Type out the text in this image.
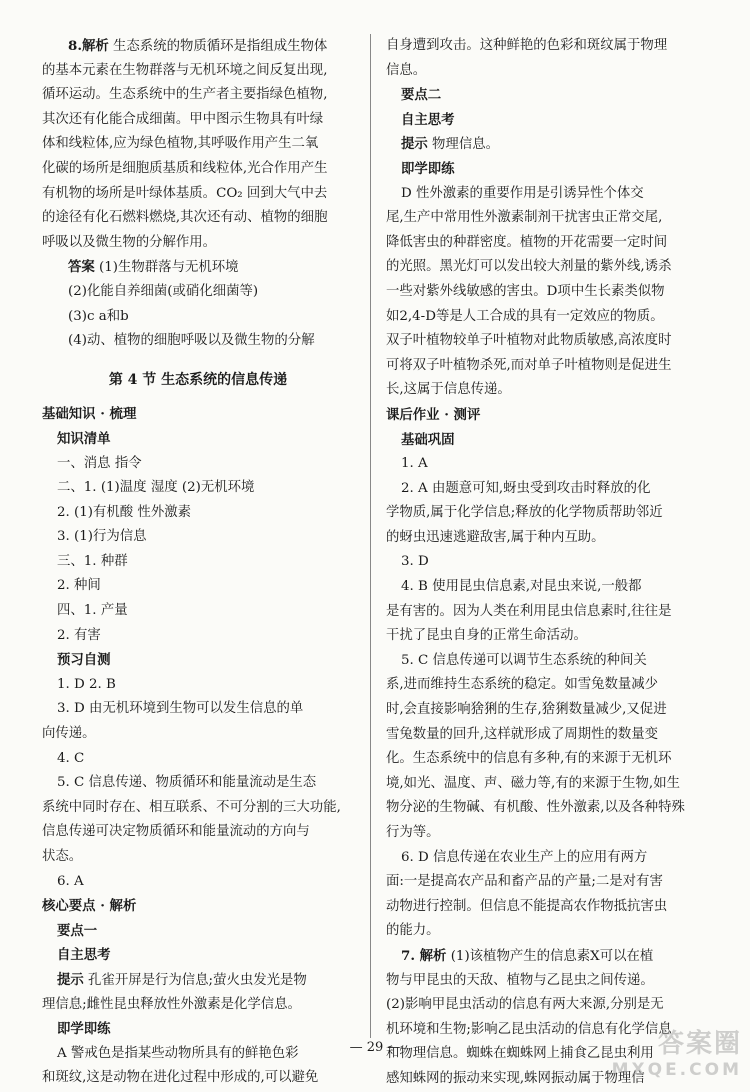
8.解析 生态系统的物质循环是指组成生物体
的基本元素在生物群落与无机环境之间反复出现,
循环运动。生态系统中的生产者主要指绿色植物,
其次还有化能合成细菌。甲中图示生物具有叶绿
体和线粒体,应为绿色植物,其呼吸作用产生二氧
化碳的场所是细胞质基质和线粒体,光合作用产生
有机物的场所是叶绿体基质。CO₂ 回到大气中去
的途径有化石燃料燃烧,其次还有动、植物的细胞
呼吸以及微生物的分解作用。
答案 (1)生物群落与无机环境
(2)化能自养细菌(或硝化细菌等)
(3)c a和b
(4)动、植物的细胞呼吸以及微生物的分解
第 4 节 生态系统的信息传递
基础知识 · 梳理
知识清单
一、消息 指令
二、1. (1)温度 湿度 (2)无机环境
2. (1)有机酸 性外激素
3. (1)行为信息
三、1. 种群
2. 种间
四、1. 产量
2. 有害
预习自测
1. D 2. B
3. D 由无机环境到生物可以发生信息的单
向传递。
4. C
5. C 信息传递、物质循环和能量流动是生态
系统中同时存在、相互联系、不可分割的三大功能,
信息传递可决定物质循环和能量流动的方向与
状态。
6. A
核心要点 · 解析
要点一
自主思考
提示 孔雀开屏是行为信息;萤火虫发光是物
理信息;雌性昆虫释放性外激素是化学信息。
即学即练
A 警戒色是指某些动物所具有的鲜艳色彩
和斑纹,这是动物在进化过程中形成的,可以避免
自身遭到攻击。这种鲜艳的色彩和斑纹属于物理
信息。
要点二
自主思考
提示 物理信息。
即学即练
D 性外激素的重要作用是引诱异性个体交
尾,生产中常用性外激素制剂干扰害虫正常交尾,
降低害虫的种群密度。植物的开花需要一定时间
的光照。黑光灯可以发出较大剂量的紫外线,诱杀
一些对紫外线敏感的害虫。D项中生长素类似物
如2,4-D等是人工合成的具有一定效应的物质。
双子叶植物较单子叶植物对此物质敏感,高浓度时
可将双子叶植物杀死,而对单子叶植物则是促进生
长,这属于信息传递。
课后作业 · 测评
基础巩固
1. A
2. A 由题意可知,蚜虫受到攻击时释放的化
学物质,属于化学信息;释放的化学物质帮助邻近
的蚜虫迅速逃避敌害,属于种内互助。
3. D
4. B 使用昆虫信息素,对昆虫来说,一般都
是有害的。因为人类在利用昆虫信息素时,往往是
干扰了昆虫自身的正常生命活动。
5. C 信息传递可以调节生态系统的种间关
系,进而维持生态系统的稳定。如雪兔数量减少
时,会直接影响猞猁的生存,猞猁数量减少,又促进
雪兔数量的回升,这样就形成了周期性的数量变
化。生态系统中的信息有多种,有的来源于无机环
境,如光、温度、声、磁力等,有的来源于生物,如生
物分泌的生物碱、有机酸、性外激素,以及各种特殊
行为等。
6. D 信息传递在农业生产上的应用有两方
面:一是提高农产品和畜产品的产量;二是对有害
动物进行控制。但信息不能提高农作物抵抗害虫
的能力。
7. 解析 (1)该植物产生的信息素X可以在植
物与甲昆虫的天敌、植物与乙昆虫之间传递。
(2)影响甲昆虫活动的信息有两大来源,分别是无
机环境和生物;影响乙昆虫活动的信息有化学信息
和物理信息。蜘蛛在蜘蛛网上捕食乙昆虫利用
感知蛛网的振动来实现,蛛网振动属于物理信
— 29 —	答案圈
MXQE.COM
